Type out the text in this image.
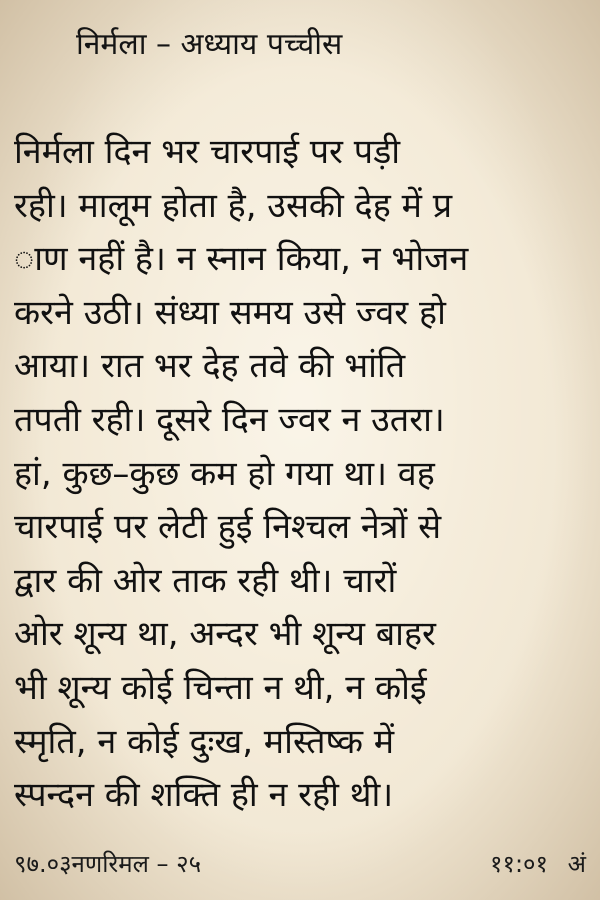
निर्मला – अध्याय पच्चीस
निर्मला दिन भर चारपाई पर पड़ी
रही। मालूम होता है, उसकी देह में प्र
ाण नहीं है। न स्नान किया, न भोजन
करने उठी। संध्या समय उसे ज्वर हो
आया। रात भर देह तवे की भांति
तपती रही। दूसरे दिन ज्वर न उतरा।
हां, कुछ–कुछ कम हो गया था। वह
चारपाई पर लेटी हुई निश्चल नेत्रों से
द्वार की ओर ताक रही थी। चारों
ओर शून्य था, अन्दर भी शून्य बाहर
भी शून्य कोई चिन्ता न थी, न कोई
स्मृति, न कोई दुःख, मस्तिष्क में
स्पन्दन की शक्ति ही न रही थी।
९७.०३नणरिमल – २५	११:०१ अं
